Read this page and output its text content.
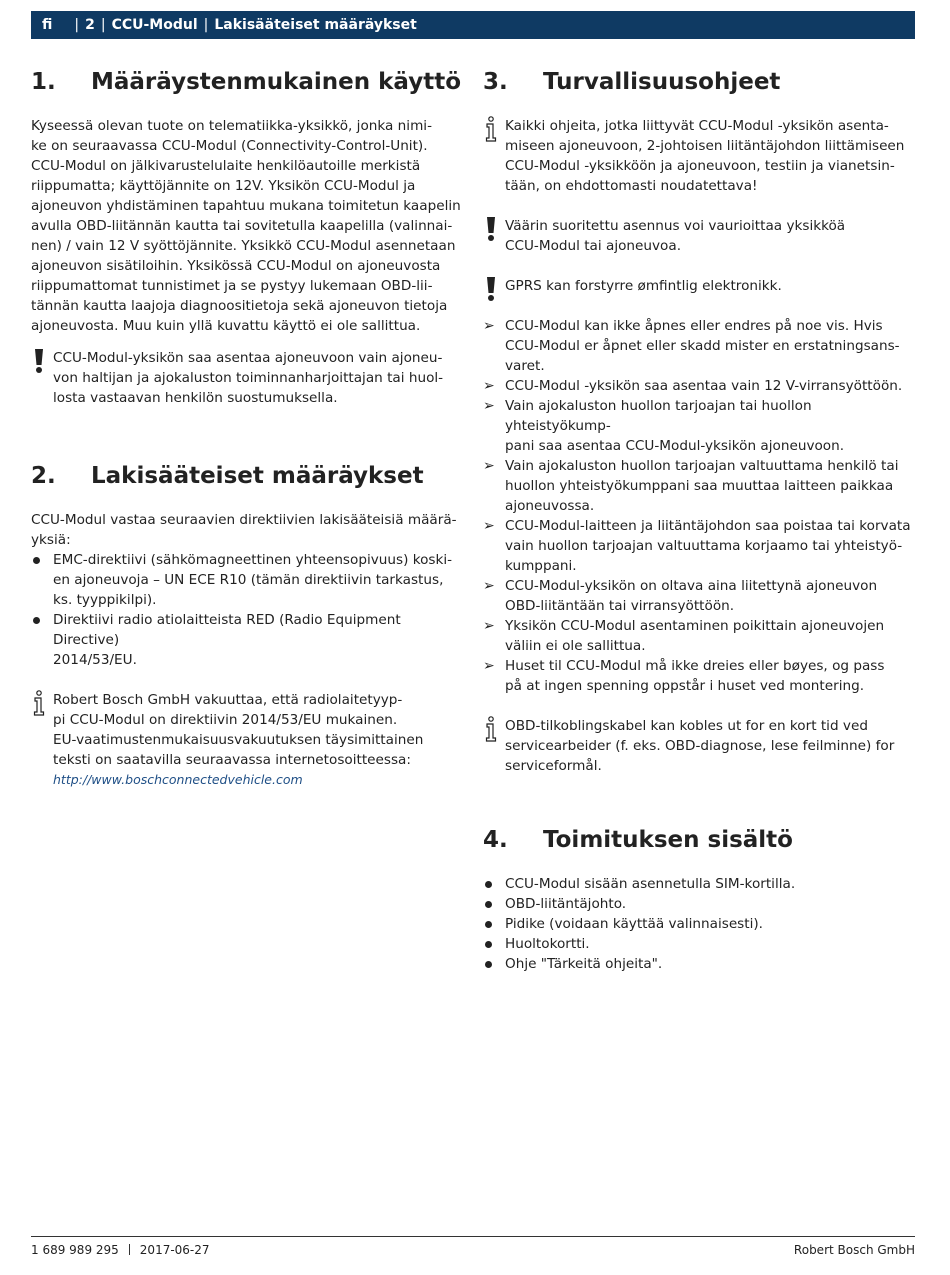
fi | 2 | CCU-Modul | Lakisääteiset määräykset
1.	Määräystenmukainen käyttö

Kyseessä olevan tuote on telematiikka-yksikkö, jonka nimi-
ke on seuraavassa CCU-Modul (Connectivity-Control-Unit).
CCU-Modul on jälkivarustelulaite henkilöautoille merkistä
riippumatta; käyttöjännite on 12V. Yksikön CCU-Modul ja
ajoneuvon yhdistäminen tapahtuu mukana toimitetun kaapelin
avulla OBD-liitännän kautta tai sovitetulla kaapelilla (valinnai-
nen) / vain 12 V syöttöjännite. Yksikkö CCU-Modul asennetaan
ajoneuvon sisätiloihin. Yksikössä CCU-Modul on ajoneuvosta
riippumattomat tunnistimet ja se pystyy lukemaan OBD-lii-
tännän kautta laajoja diagnoositietoja sekä ajoneuvon tietoja
ajoneuvosta. Muu kuin yllä kuvattu käyttö ei ole sallittua.

CCU-Modul-yksikön saa asentaa ajoneuvoon vain ajoneu-
von haltijan ja ajokaluston toiminnanharjoittajan tai huol-
losta vastaavan henkilön suostumuksella.
2.	Lakisääteiset määräykset

CCU-Modul vastaa seuraavien direktiivien lakisääteisiä määrä-
yksiä:

EMC-direktiivi (sähkömagneettinen yhteensopivuus) koski-
en ajoneuvoja – UN ECE R10 (tämän direktiivin tarkastus,
ks. tyyppikilpi).
Direktiivi radio atiolaitteista RED (Radio Equipment Directive)
2014/53/EU.
Robert Bosch GmbH vakuuttaa, että radiolaitetyyp-
pi CCU-Modul on direktiivin 2014/53/EU mukainen.
EU-vaatimustenmukaisuusvakuutuksen täysimittainen
teksti on saatavilla seuraavassa internetosoitteessa:
http://www.boschconnectedvehicle.com
3.	Turvallisuusohjeet
Kaikki ohjeita, jotka liittyvät CCU-Modul -yksikön asenta-
miseen ajoneuvoon, 2-johtoisen liitäntäjohdon liittämiseen
CCU-Modul -yksikköön ja ajoneuvoon, testiin ja vianetsin-
tään, on ehdottomasti noudatettava!
Väärin suoritettu asennus voi vaurioittaa yksikköä
CCU-Modul tai ajoneuvoa.
GPRS kan forstyrre ømfintlig elektronikk.
➢ CCU-Modul kan ikke åpnes eller endres på noe vis. Hvis
CCU-Modul er åpnet eller skadd mister en erstatningsans-
varet.
➢ CCU-Modul -yksikön saa asentaa vain 12 V-virransyöttöön.
➢ Vain ajokaluston huollon tarjoajan tai huollon yhteistyökump-
pani saa asentaa CCU-Modul-yksikön ajoneuvoon.
➢ Vain ajokaluston huollon tarjoajan valtuuttama henkilö tai
huollon yhteistyökumppani saa muuttaa laitteen paikkaa
ajoneuvossa.
➢ CCU-Modul-laitteen ja liitäntäjohdon saa poistaa tai korvata
vain huollon tarjoajan valtuuttama korjaamo tai yhteistyö-
kumppani.
➢ CCU-Modul-yksikön on oltava aina liitettynä ajoneuvon
OBD-liitäntään tai virransyöttöön.
➢ Yksikön CCU-Modul asentaminen poikittain ajoneuvojen
väliin ei ole sallittua.
➢ Huset til CCU-Modul må ikke dreies eller bøyes, og pass
på at ingen spenning oppstår i huset ved montering.
OBD-tilkoblingskabel kan kobles ut for en kort tid ved
servicearbeider (f. eks. OBD-diagnose, lese feilminne) for
serviceformål.
4.	Toimituksen sisältö
CCU-Modul sisään asennetulla SIM-kortilla.
OBD-liitäntäjohto.
Pidike (voidaan käyttää valinnaisesti).
Huoltokortti.
Ohje "Tärkeitä ohjeita".
1 689 989 295 2017-06-27	Robert Bosch GmbH
